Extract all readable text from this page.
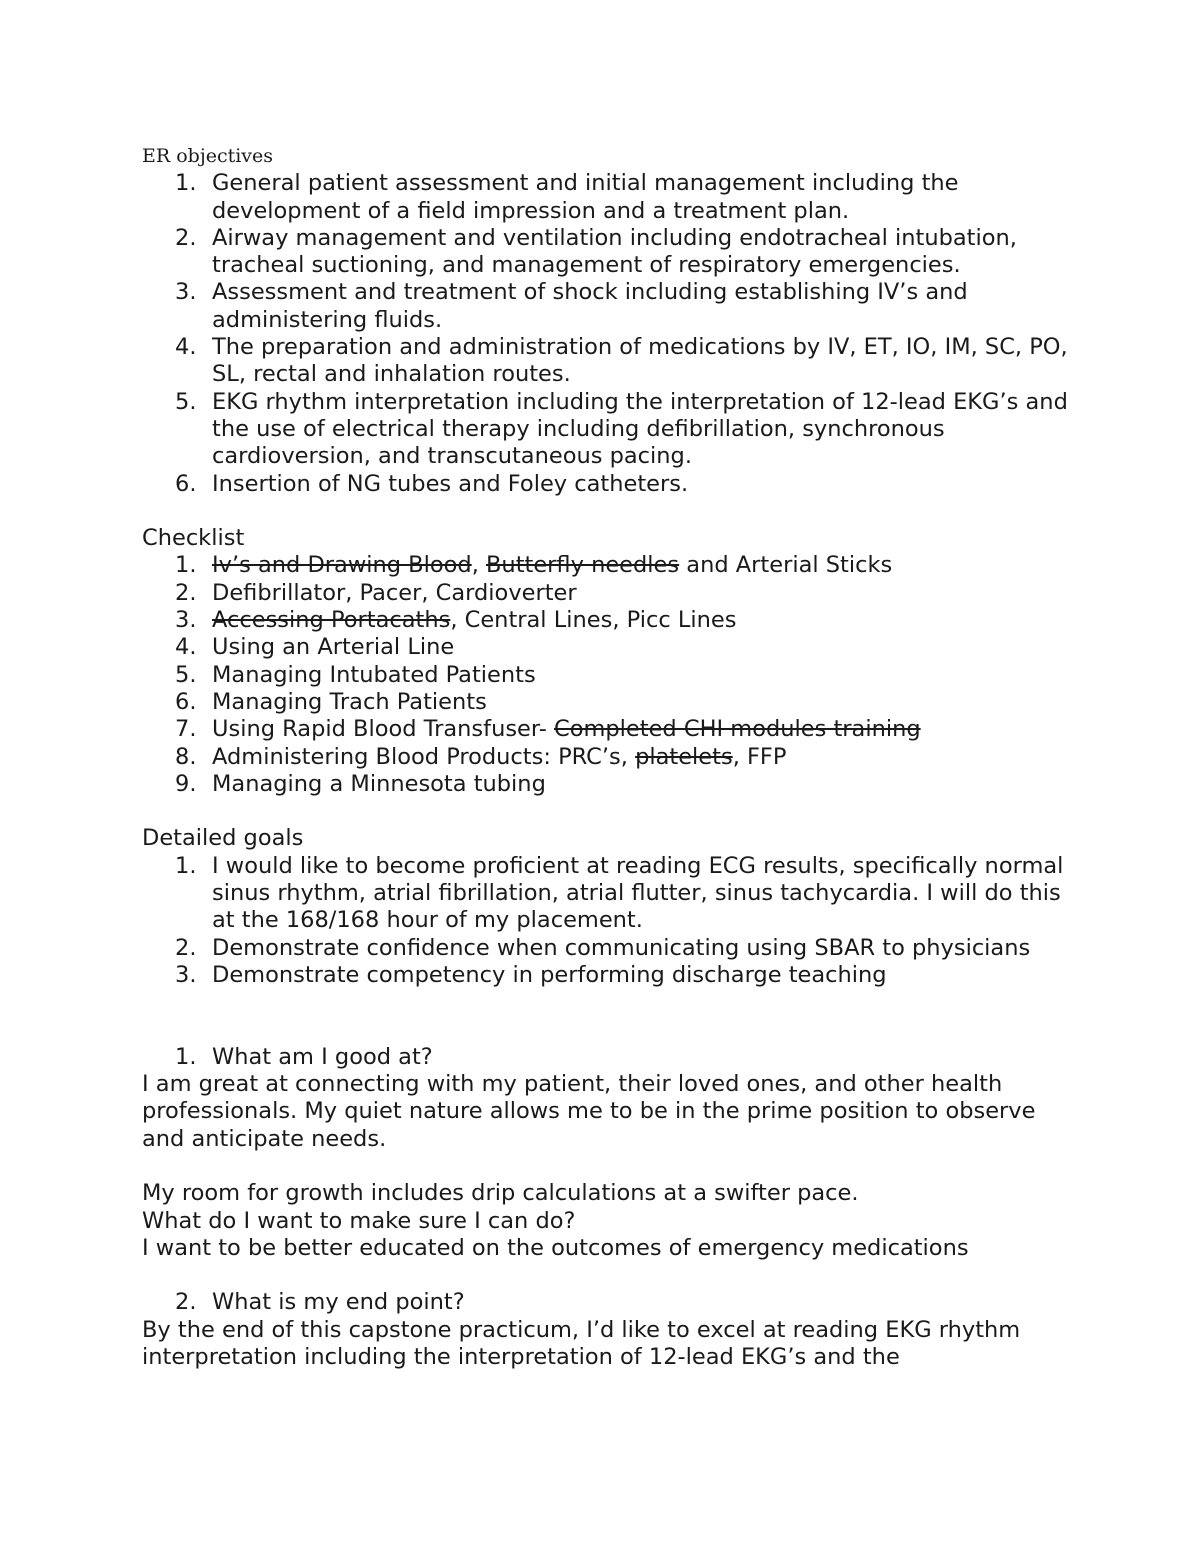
ER objectives
1. General patient assessment and initial management including the development of a field impression and a treatment plan.
2. Airway management and ventilation including endotracheal intubation, tracheal suctioning, and management of respiratory emergencies.
3. Assessment and treatment of shock including establishing IV’s and administering fluids.
4. The preparation and administration of medications by IV, ET, IO, IM, SC, PO, SL, rectal and inhalation routes.
5. EKG rhythm interpretation including the interpretation of 12-lead EKG’s and the use of electrical therapy including defibrillation, synchronous cardioversion, and transcutaneous pacing.
6. Insertion of NG tubes and Foley catheters.
Checklist
1. Iv’s and Drawing Blood, Butterfly needles and Arterial Sticks
2. Defibrillator, Pacer, Cardioverter
3. Accessing Portacaths, Central Lines, Picc Lines
4. Using an Arterial Line
5. Managing Intubated Patients
6. Managing Trach Patients
7. Using Rapid Blood Transfuser- Completed CHI modules training
8. Administering Blood Products: PRC’s, platelets, FFP
9. Managing a Minnesota tubing
Detailed goals
1. I would like to become proficient at reading ECG results, specifically normal sinus rhythm, atrial fibrillation, atrial flutter, sinus tachycardia. I will do this at the 168/168 hour of my placement.
2. Demonstrate confidence when communicating using SBAR to physicians
3. Demonstrate competency in performing discharge teaching
1. What am I good at?

I am great at connecting with my patient, their loved ones, and other health professionals. My quiet nature allows me to be in the prime position to observe and anticipate needs.

My room for growth includes drip calculations at a swifter pace.

What do I want to make sure I can do?

I want to be better educated on the outcomes of emergency medications

2. What is my end point?

By the end of this capstone practicum, I’d like to excel at reading EKG rhythm interpretation including the interpretation of 12-lead EKG’s and the
